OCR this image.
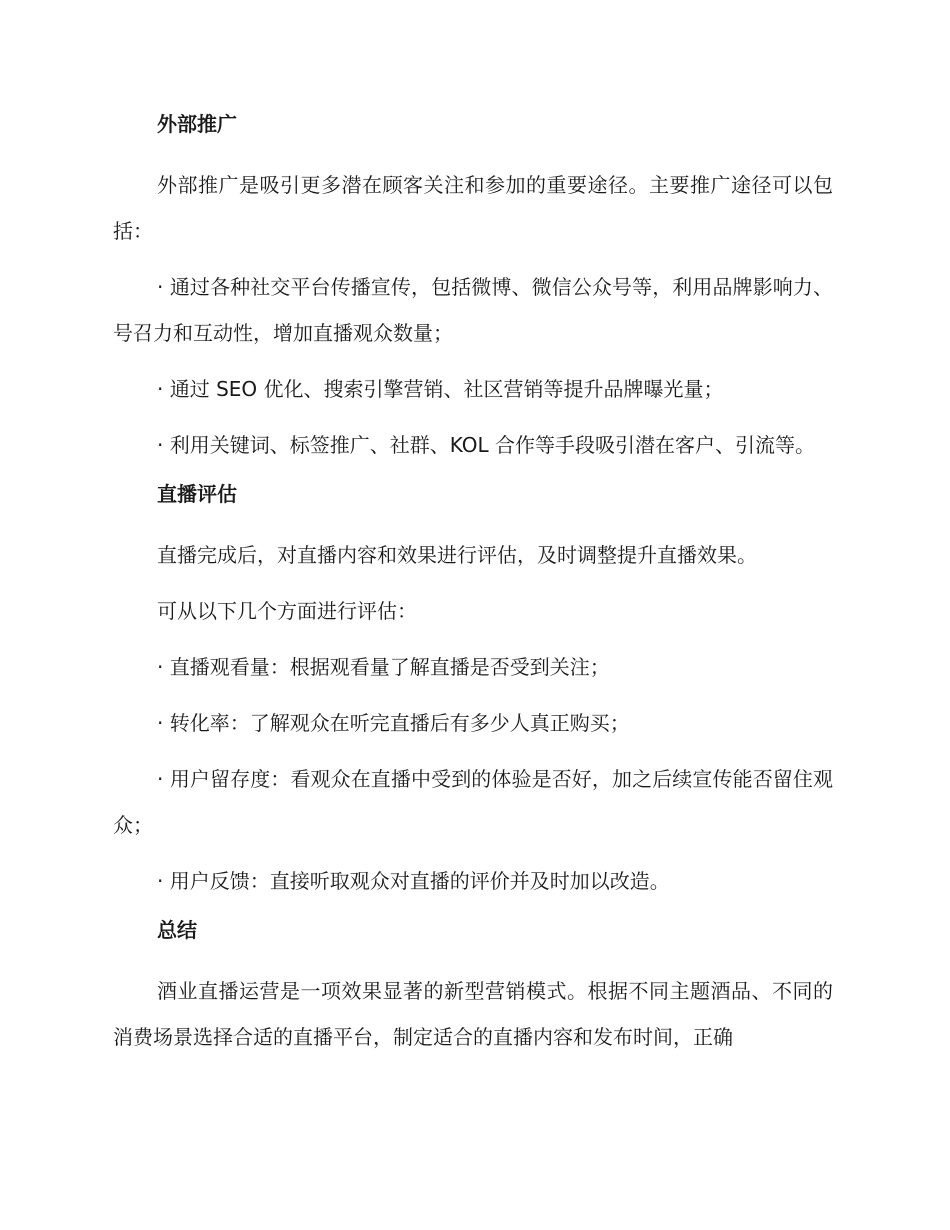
外部推广

外部推广是吸引更多潜在顾客关注和参加的重要途径。主要推广途径可以包括：

· 通过各种社交平台传播宣传，包括微博、微信公众号等，利用品牌影响力、号召力和互动性，增加直播观众数量；

· 通过 SEO 优化、搜索引擎营销、社区营销等提升品牌曝光量；

· 利用关键词、标签推广、社群、KOL 合作等手段吸引潜在客户、引流等。

直播评估

直播完成后，对直播内容和效果进行评估，及时调整提升直播效果。

可从以下几个方面进行评估：

· 直播观看量：根据观看量了解直播是否受到关注；

· 转化率：了解观众在听完直播后有多少人真正购买；

· 用户留存度：看观众在直播中受到的体验是否好，加之后续宣传能否留住观众；

· 用户反馈：直接听取观众对直播的评价并及时加以改造。

总结

酒业直播运营是一项效果显著的新型营销模式。根据不同主题酒品、不同的消费场景选择合适的直播平台，制定适合的直播内容和发布时间，正确
